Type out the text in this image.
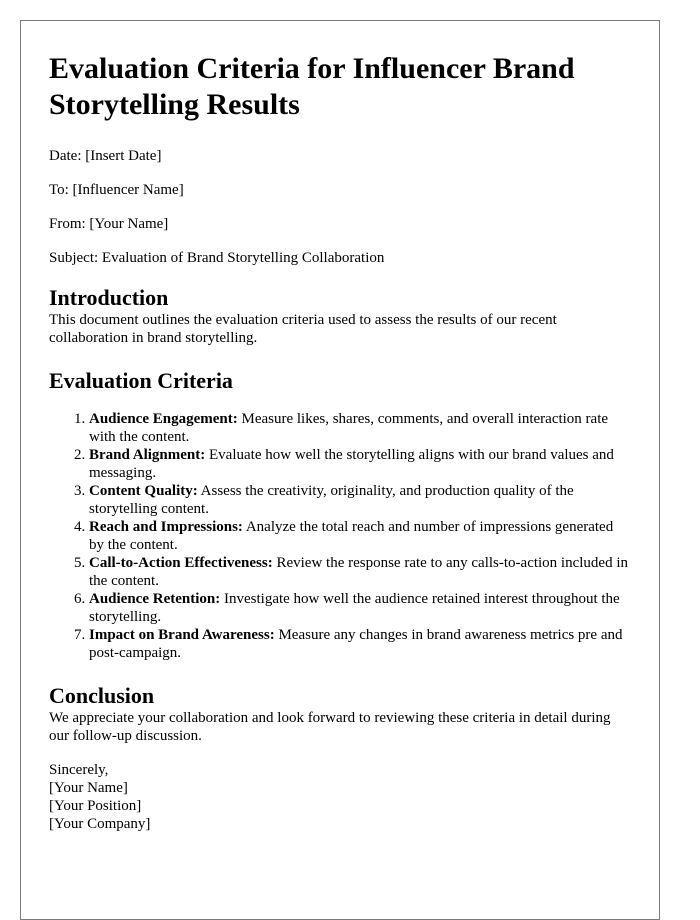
Evaluation Criteria for Influencer Brand Storytelling Results

Date: [Insert Date]

To: [Influencer Name]

From: [Your Name]

Subject: Evaluation of Brand Storytelling Collaboration

Introduction

This document outlines the evaluation criteria used to assess the results of our recent collaboration in brand storytelling.

Evaluation Criteria
1. Audience Engagement: Measure likes, shares, comments, and overall interaction rate with the content.
2. Brand Alignment: Evaluate how well the storytelling aligns with our brand values and messaging.
3. Content Quality: Assess the creativity, originality, and production quality of the storytelling content.
4. Reach and Impressions: Analyze the total reach and number of impressions generated by the content.
5. Call-to-Action Effectiveness: Review the response rate to any calls-to-action included in the content.
6. Audience Retention: Investigate how well the audience retained interest throughout the storytelling.
7. Impact on Brand Awareness: Measure any changes in brand awareness metrics pre and post-campaign.
Conclusion

We appreciate your collaboration and look forward to reviewing these criteria in detail during our follow-up discussion.

Sincerely,
[Your Name]
[Your Position]
[Your Company]
